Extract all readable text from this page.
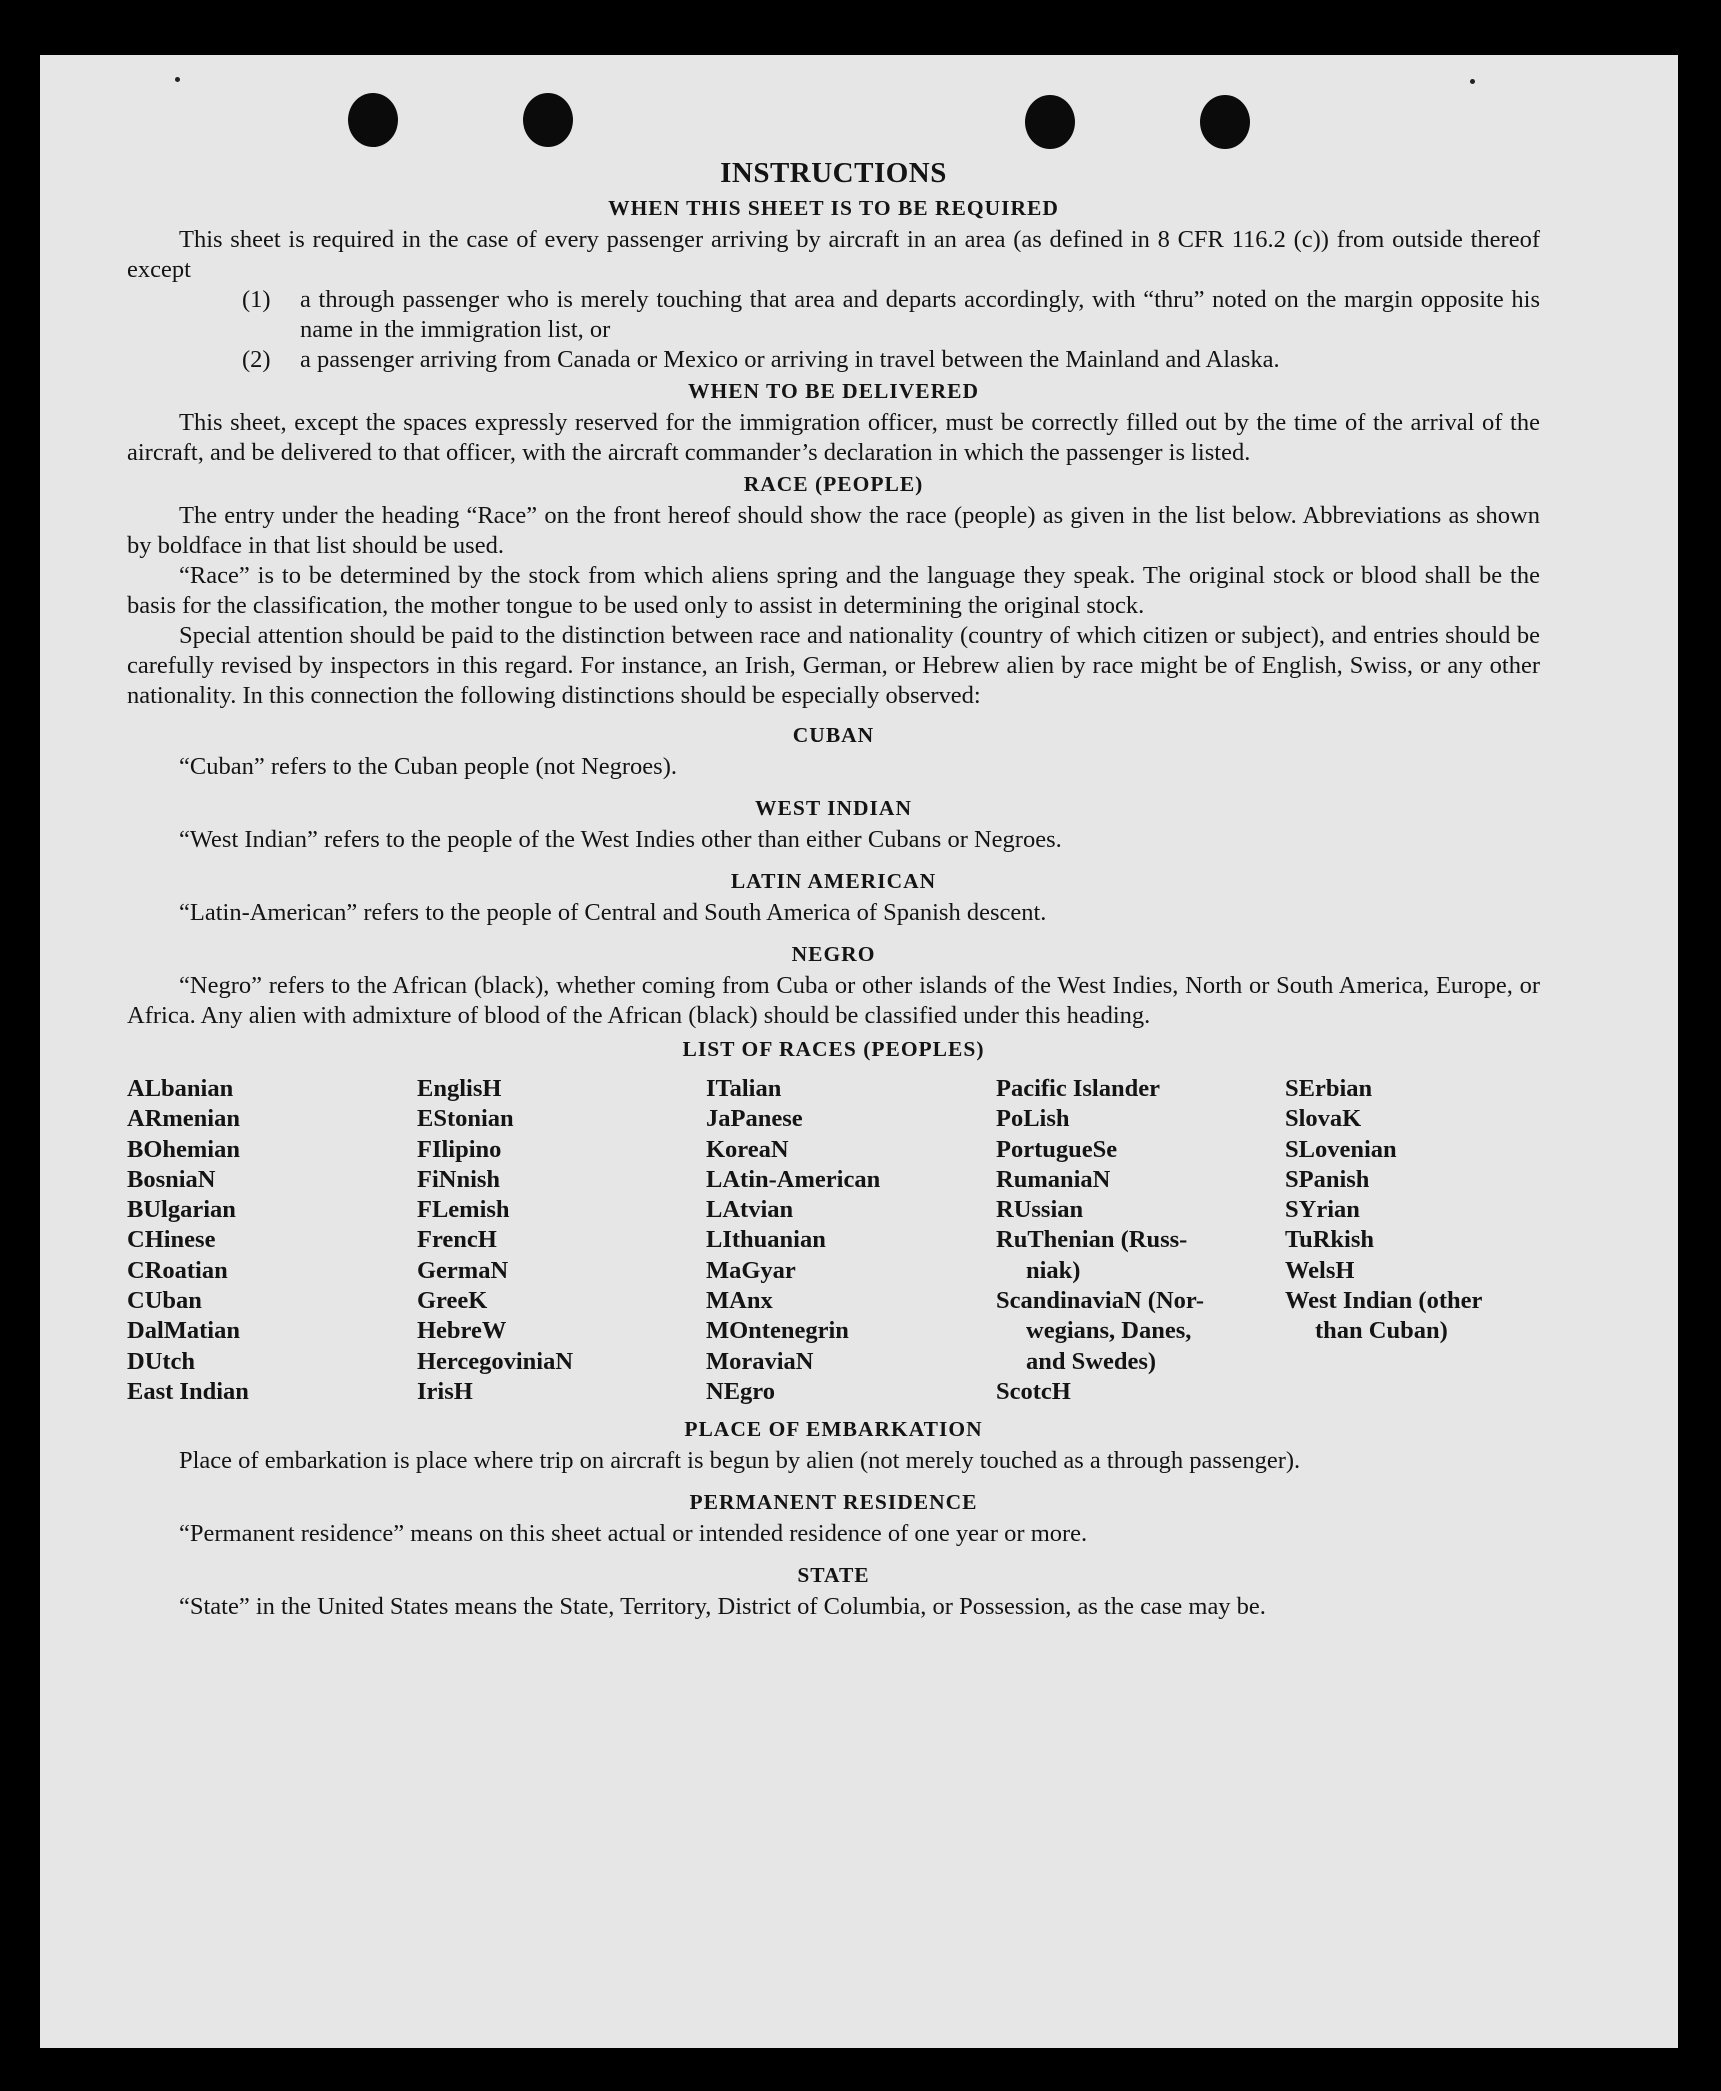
INSTRUCTIONS
WHEN THIS SHEET IS TO BE REQUIRED

This sheet is required in the case of every passenger arriving by aircraft in an area (as defined in 8 CFR 116.2 (c)) from outside thereof except

(1)	a through passenger who is merely touching that area and departs accordingly, with “thru” noted on the margin opposite his name in the immigration list, or
(2)	a passenger arriving from Canada or Mexico or arriving in travel between the Mainland and Alaska.
WHEN TO BE DELIVERED

This sheet, except the spaces expressly reserved for the immigration officer, must be correctly filled out by the time of the arrival of the aircraft, and be delivered to that officer, with the aircraft commander’s declaration in which the passenger is listed.

RACE (PEOPLE)

The entry under the heading “Race” on the front hereof should show the race (people) as given in the list below. Abbreviations as shown by boldface in that list should be used.

“Race” is to be determined by the stock from which aliens spring and the language they speak. The original stock or blood shall be the basis for the classification, the mother tongue to be used only to assist in determining the original stock.

Special attention should be paid to the distinction between race and nationality (country of which citizen or subject), and entries should be carefully revised by inspectors in this regard. For instance, an Irish, German, or Hebrew alien by race might be of English, Swiss, or any other nationality. In this connection the following distinctions should be especially observed:

CUBAN

“Cuban” refers to the Cuban people (not Negroes).

WEST INDIAN

“West Indian” refers to the people of the West Indies other than either Cubans or Negroes.

LATIN AMERICAN

“Latin-American” refers to the people of Central and South America of Spanish descent.

NEGRO

“Negro” refers to the African (black), whether coming from Cuba or other islands of the West Indies, North or South America, Europe, or Africa. Any alien with admixture of blood of the African (black) should be classified under this heading.

LIST OF RACES (PEOPLES)
ALbanian
ARmenian
BOhemian
BosniaN
BUlgarian
CHinese
CRoatian
CUban
DalMatian
DUtch
East Indian
EnglisH
EStonian
FIlipino
FiNnish
FLemish
FrencH
GermaN
GreeK
HebreW
HercegoviniaN
IrisH
ITalian
JaPanese
KoreaN
LAtin-American
LAtvian
LIthuanian
MaGyar
MAnx
MOntenegrin
MoraviaN
NEgro
Pacific Islander
PoLish
PortugueSe
RumaniaN
RUssian
RuThenian (Russ-
niak)
ScandinaviaN (Nor-
wegians, Danes,
and Swedes)
ScotcH
SErbian
SlovaK
SLovenian
SPanish
SYrian
TuRkish
WelsH
West Indian (other
than Cuban)
PLACE OF EMBARKATION

Place of embarkation is place where trip on aircraft is begun by alien (not merely touched as a through passenger).

PERMANENT RESIDENCE

“Permanent residence” means on this sheet actual or intended residence of one year or more.

STATE

“State” in the United States means the State, Territory, District of Columbia, or Possession, as the case may be.
